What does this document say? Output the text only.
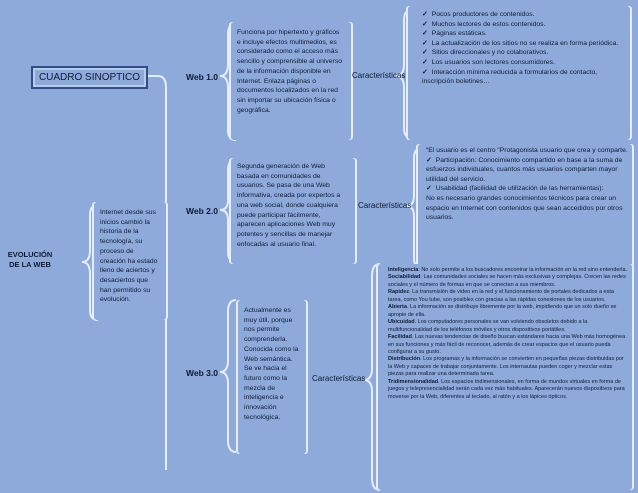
CUADRO SINOPTICO
EVOLUCIÓN DE LA WEB
Internet desde sus inicios cambió la historia de la tecnología, su proceso de creación ha estado lleno de aciertos y desaciertos que han permitido su evolución.
Web 1.0
Funciona por hipertexto y gráficos e incluye efectos multimedios, es considerado como el acceso más sencillo y comprensible al universo de la información disponible en Internet. Enlaza páginas o documentos localizados en la red sin importar su ubicación física o geográfica.
Características
✓ Pocos productores de contenidos.
✓ Muchos lectores de estos contenidos.
✓ Páginas estáticas.
✓ La actualización de los sitios no se realiza en forma periódica.
✓ Sitios direccionales y no colaborativos.
✓ Los usuarios son lectores consumidores.
✓ Interacción mínima reducida a formularios de contacto, inscripción boletines…
Web 2.0
Segunda generación de Web basada en comunidades de usuarios. Se pasa de una Web informativa, creada por expertos a una web social, donde cualquiera puede participar fácilmente, aparecen aplicaciones Web muy potentes y sencillas de manejar enfocadas al usuario final.
Características
“El usuario es el centro “Protagonista usuario que crea y comparte.
✓ Participación: Conocimiento compartido en base a la suma de esfuerzos individuales, cuantos más usuarios comparten mayor utilidad del servicio.
✓ Usabilidad (facilidad de utilización de las herramientas):
No es necesario grandes conocimientos técnicos para crear un espacio en Internet con contenidos que sean accedidos por otros usuarios.
Web 3.0
Actualmente es muy útil, porque nos permite comprenderla. Conocida como la Web semántica. Se ve hacia el futuro como la mezcla de inteligencia e innovación tecnológica.
Características
Inteligencia: No solo permite a los buscadores encontrar la información en la red sino entenderla.
Sociabilidad: Las comunidades sociales se hacen más exclusivas y complejas. Crecen las redes sociales y el número de formas en que se conectan a sus miembros.
Rapidez. La transmisión de video en la red y el funcionamiento de portales dedicados a esta tarea, como You tube, son posibles con gracias a las rápidas conexiones de los usuarios.
Abierta. La información se distribuye libremente por la web, impidiendo que un solo dueño se apropie de ella.
Ubicuidad. Los computadores personales se van volviendo obsoletos debido a la multifuncionalidad de los teléfonos móviles y otros dispositivos portátiles.
Facilidad. Las nuevas tendencias de diseño buscan estándares hacia una Web más homogénea en sus funciones y más fácil de reconocer, además de crear espacios que el usuario pueda configurar a su gusto.
Distribución. Los programas y la información se convierten en pequeñas piezas distribuidas por la Web y capaces de trabajar conjuntamente. Los internautas pueden coger y mezclar estas piezas para realizar una determinada tarea.
Tridimensionalidad. Los espacios tridimensionales, en forma de mundos virtuales en forma de juegos y telepresencialidad serán cada vez más habituales. Aparecerán nuevos dispositivos para moverse por la Web, diferentes al teclado, al ratón y a los lápices ópticos.
